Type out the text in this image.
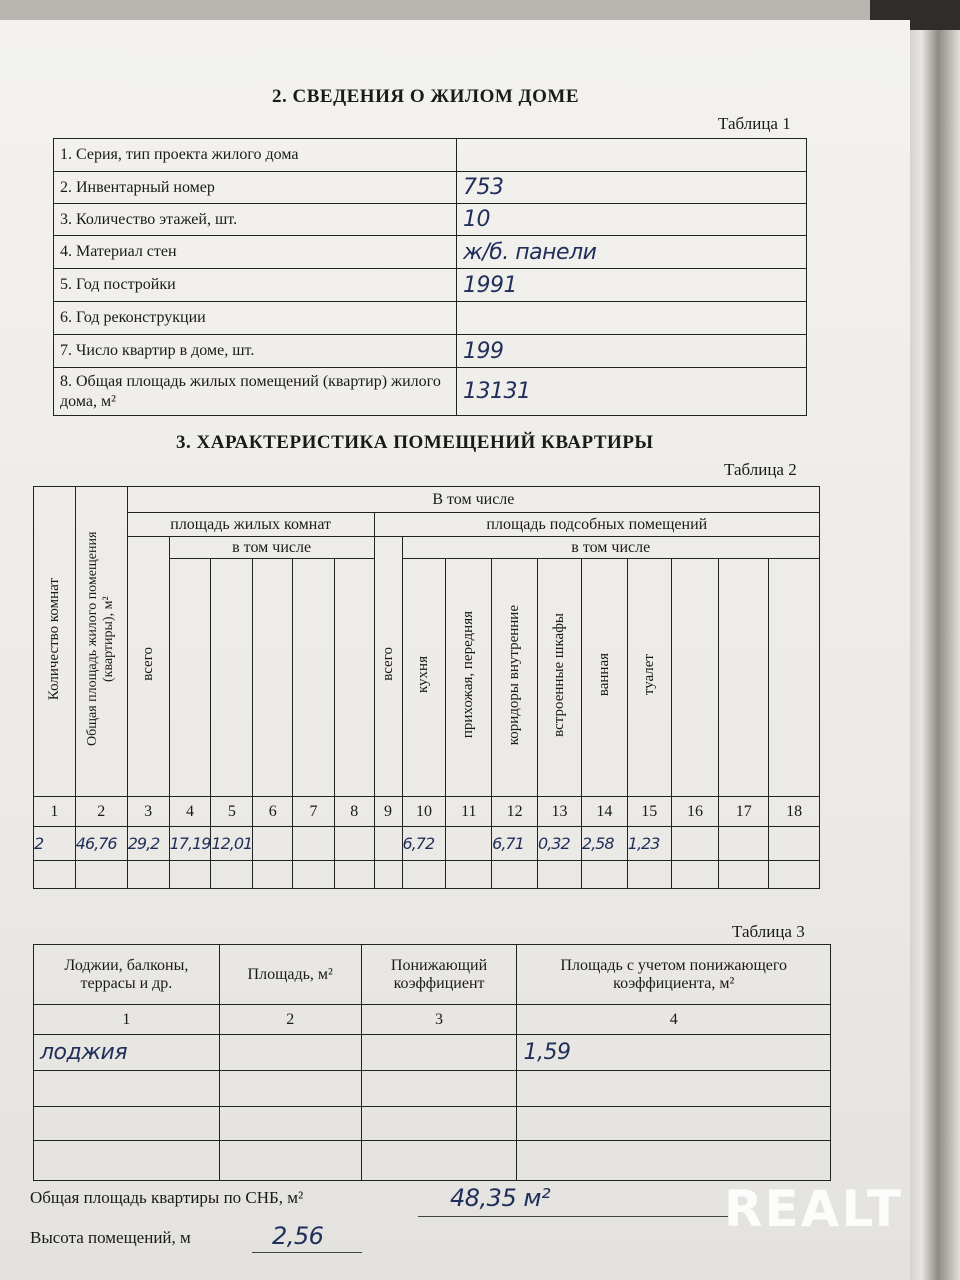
2. СВЕДЕНИЯ О ЖИЛОМ ДОМЕ
Таблица 1
1. Серия, тип проекта жилого дома	
2. Инвентарный номер	753
3. Количество этажей, шт.	10
4. Материал стен	ж/б. панели
5. Год постройки	1991
6. Год реконструкции	
7. Число квартир в доме, шт.	199
8. Общая площадь жилых помещений (квартир) жилого дома, м²	13131
3. ХАРАКТЕРИСТИКА ПОМЕЩЕНИЙ КВАРТИРЫ
Таблица 2
Количество комнат	Общая площадь жилого помещения (квартиры), м²	В том числе															
		площадь жилых комнат						площадь подсобных помещений									
		всего	в том числе					всего	в том числе								
									кухня	прихожая, передняя	коридоры внутренние	встроенные шкафы	ванная	туалет			
1	2	3	4	5	6	7	8	9	10	11	12	13	14	15	16	17	18
2	46,76	29,2	17,19	12,01					6,72		6,71	0,32	2,58	1,23			

Таблица 3
Лоджии, балконы, террасы и др.	Площадь, м²	Понижающий коэффициент	Площадь с учетом понижающего коэффициента, м²
1	2	3	4
лоджия			1,59

Общая площадь квартиры по СНБ, м²	48,35 м²
Высота помещений, м	2,56	REALT
